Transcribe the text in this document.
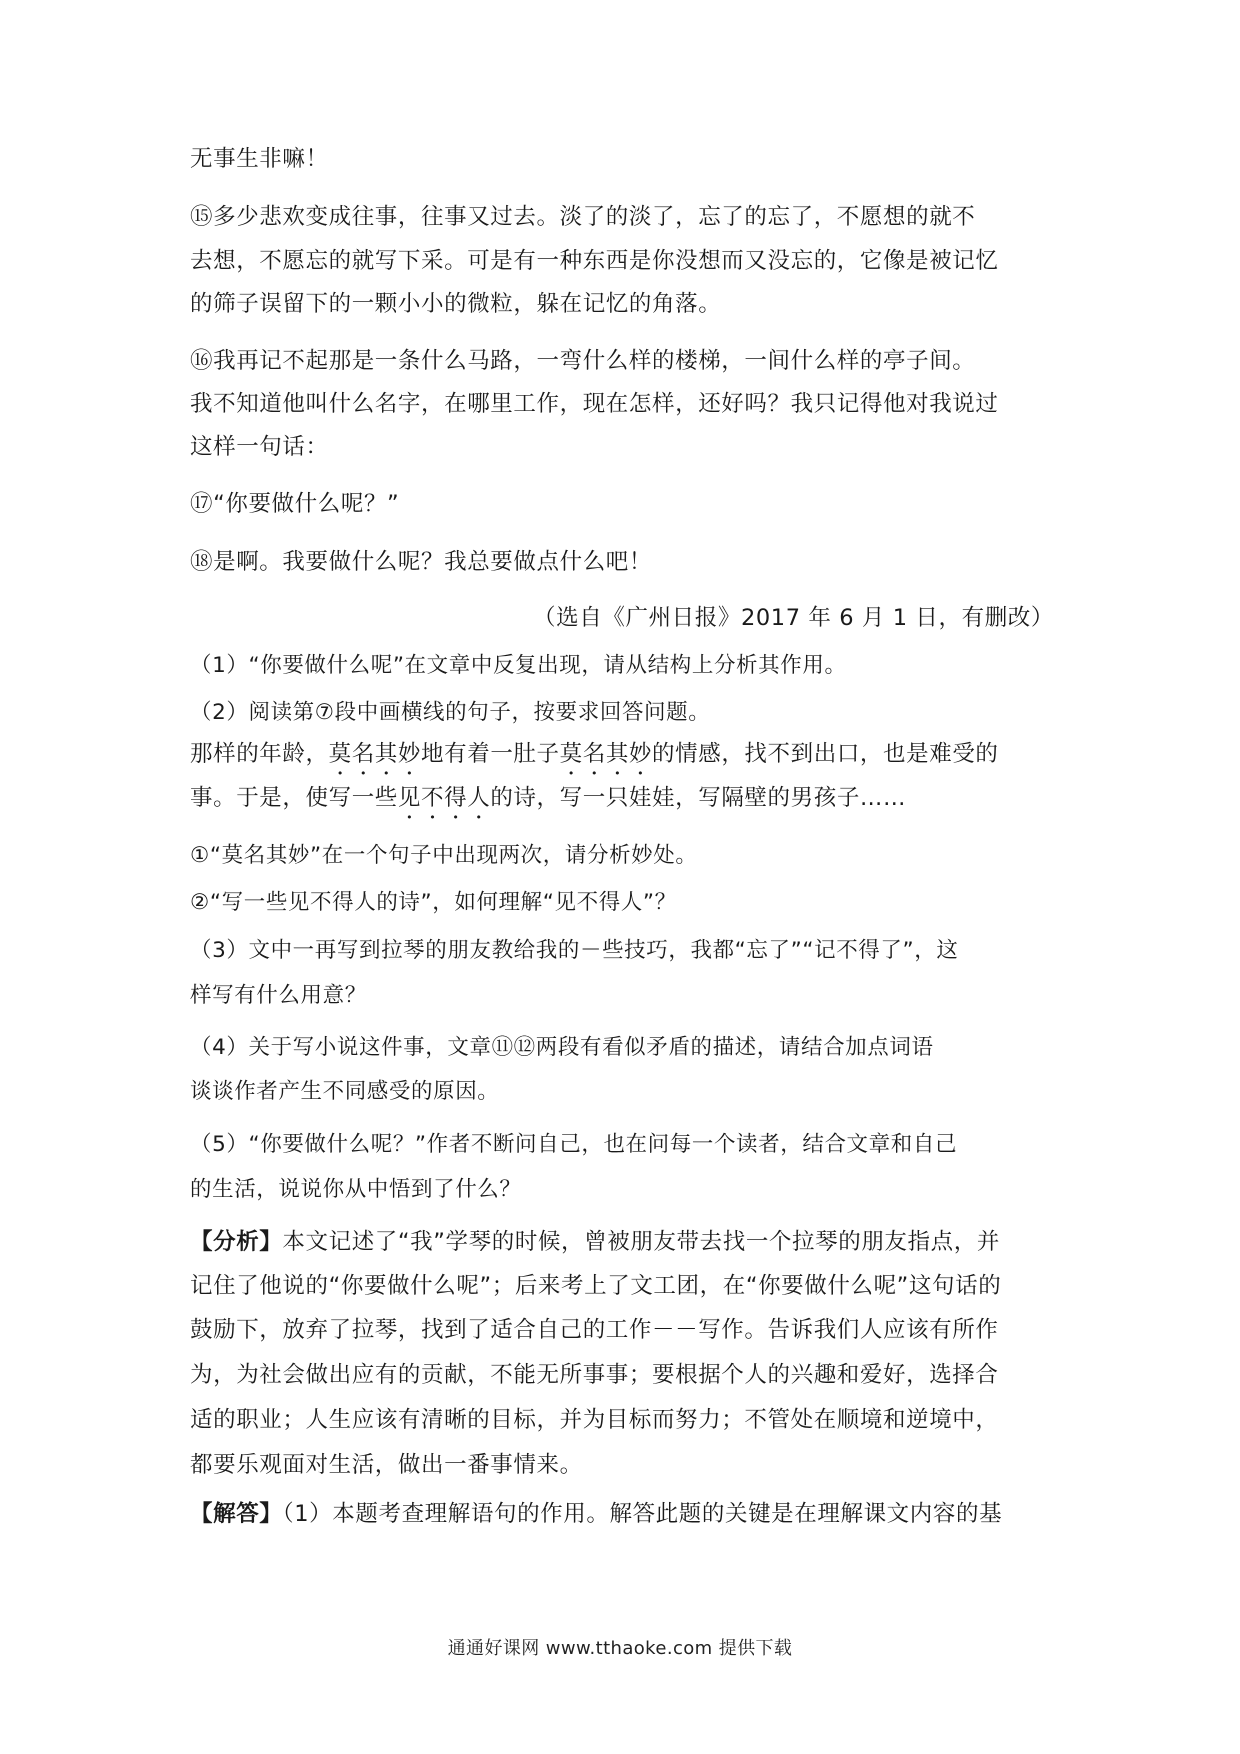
无事生非嘛！
⑮多少悲欢变成往事，往事又过去。淡了的淡了，忘了的忘了，不愿想的就不
去想，不愿忘的就写下采。可是有一种东西是你没想而又没忘的，它像是被记忆
的筛子误留下的一颗小小的微粒，躲在记忆的角落。
⑯我再记不起那是一条什么马路，一弯什么样的楼梯，一间什么样的亭子间。
我不知道他叫什么名字，在哪里工作，现在怎样，还好吗？我只记得他对我说过
这样一句话：
⑰“你要做什么呢？”
⑱是啊。我要做什么呢？我总要做点什么吧！
（选自《广州日报》2017 年 6 月 1 日，有删改）
（1）“你要做什么呢”在文章中反复出现，请从结构上分析其作用。
（2）阅读第⑦段中画横线的句子，按要求回答问题。
那样的年龄，莫名其妙地有着一肚子莫名其妙的情感，找不到出口，也是难受的
事。于是，使写一些见不得人的诗，写一只娃娃，写隔壁的男孩子……
①“莫名其妙”在一个句子中出现两次，请分析妙处。
②“写一些见不得人的诗”，如何理解“见不得人”？
（3）文中一再写到拉琴的朋友教给我的－些技巧，我都“忘了”“记不得了”，这
样写有什么用意？
（4）关于写小说这件事，文章⑪⑫两段有看似矛盾的描述，请结合加点词语
谈谈作者产生不同感受的原因。
（5）“你要做什么呢？”作者不断问自己，也在问每一个读者，结合文章和自己
的生活，说说你从中悟到了什么？
【分析】本文记述了“我”学琴的时候，曾被朋友带去找一个拉琴的朋友指点，并
记住了他说的“你要做什么呢”；后来考上了文工团，在“你要做什么呢”这句话的
鼓励下，放弃了拉琴，找到了适合自己的工作－－写作。告诉我们人应该有所作
为，为社会做出应有的贡献，不能无所事事；要根据个人的兴趣和爱好，选择合
适的职业；人生应该有清晰的目标，并为目标而努力；不管处在顺境和逆境中，
都要乐观面对生活，做出一番事情来。
【解答】（1）本题考查理解语句的作用。解答此题的关键是在理解课文内容的基
通通好课网 www.tthaoke.com 提供下载
